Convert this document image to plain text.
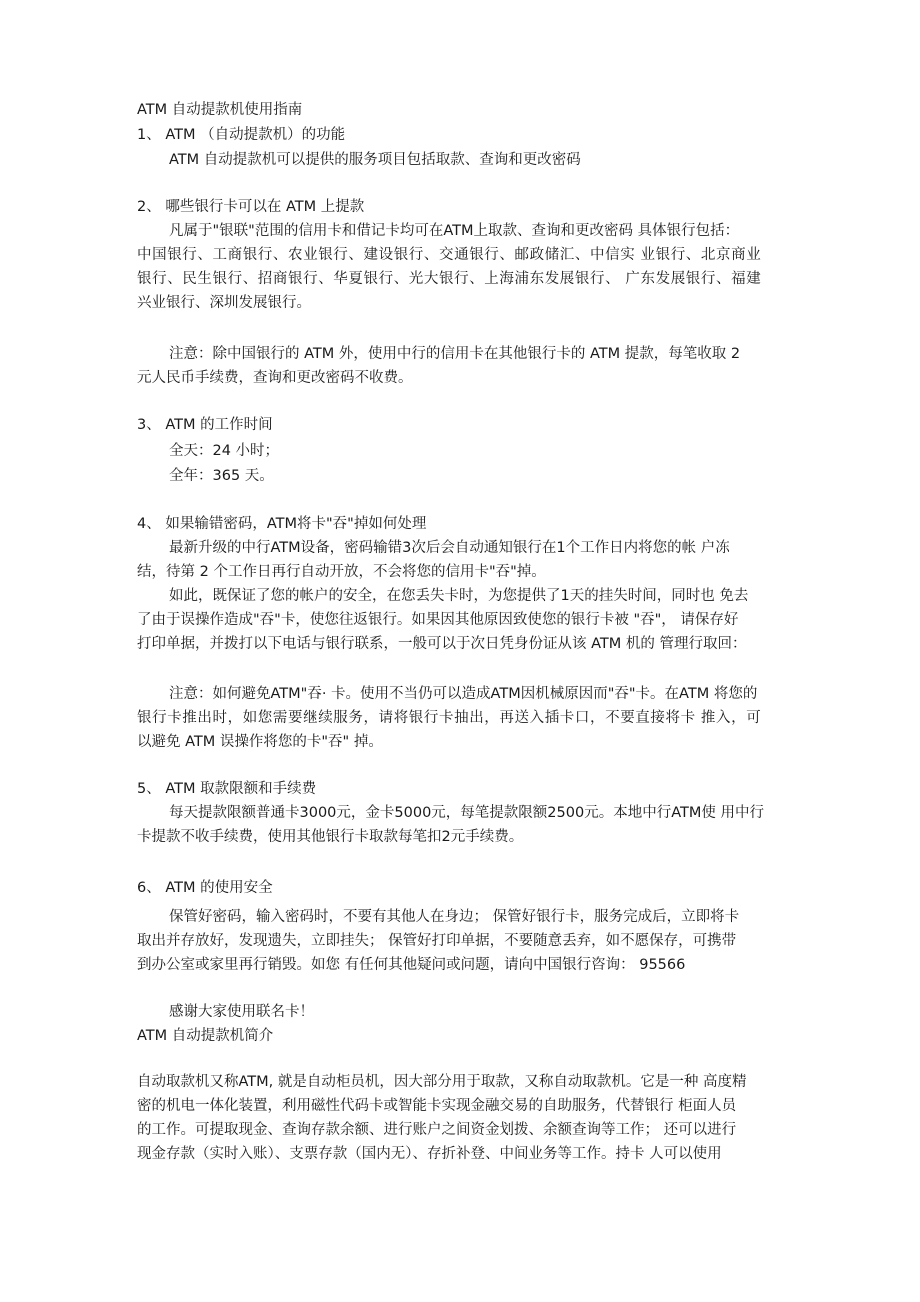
ATM 自动提款机使用指南
1、 ATM （自动提款机）的功能
ATM 自动提款机可以提供的服务项目包括取款、查询和更改密码
2、 哪些银行卡可以在 ATM 上提款
凡属于"银联"范围的信用卡和借记卡均可在ATM上取款、查询和更改密码 具体银行包括：
中国银行、工商银行、农业银行、建设银行、交通银行、邮政储汇、中信实 业银行、北京商业
银行、民生银行、招商银行、华夏银行、光大银行、上海浦东发展银行、 广东发展银行、福建
兴业银行、深圳发展银行。
注意：除中国银行的 ATM 外，使用中行的信用卡在其他银行卡的 ATM 提款，每笔收取 2
元人民币手续费，查询和更改密码不收费。
3、 ATM 的工作时间
全天：24 小时；
全年：365 天。
4、 如果输错密码，ATM将卡"吞"掉如何处理
最新升级的中行ATM设备，密码输错3次后会自动通知银行在1个工作日内将您的帐 户冻
结，待第 2 个工作日再行自动开放，不会将您的信用卡"吞"掉。
如此，既保证了您的帐户的安全，在您丢失卡时，为您提供了1天的挂失时间，同时也 免去
了由于误操作造成"吞"卡，使您往返银行。如果因其他原因致使您的银行卡被 "吞"， 请保存好
打印单据，并拨打以下电话与银行联系，一般可以于次日凭身份证从该 ATM 机的 管理行取回：
注意：如何避免ATM"吞· 卡。使用不当仍可以造成ATM因机械原因而"吞"卡。在ATM 将您的
银行卡推出时，如您需要继续服务，请将银行卡抽出，再送入插卡口，不要直接将卡 推入，可
以避免 ATM 误操作将您的卡"吞" 掉。
5、 ATM 取款限额和手续费
每天提款限额普通卡3000元，金卡5000元，每笔提款限额2500元。本地中行ATM使 用中行
卡提款不收手续费，使用其他银行卡取款每笔扣2元手续费。
6、 ATM 的使用安全
保管好密码，输入密码时，不要有其他人在身边； 保管好银行卡，服务完成后，立即将卡
取出并存放好，发现遗失，立即挂失； 保管好打印单据，不要随意丢弃，如不愿保存，可携带
到办公室或家里再行销毁。如您 有任何其他疑问或问题，请向中国银行咨询： 95566
感谢大家使用联名卡！
ATM 自动提款机简介
自动取款机又称ATM, 就是自动柜员机，因大部分用于取款，又称自动取款机。它是一种 高度精
密的机电一体化装置，利用磁性代码卡或智能卡实现金融交易的自助服务，代替银行 柜面人员
的工作。可提取现金、查询存款余额、进行账户之间资金划拨、余额查询等工作； 还可以进行
现金存款（实时入账）、支票存款（国内无）、存折补登、中间业务等工作。持卡 人可以使用
